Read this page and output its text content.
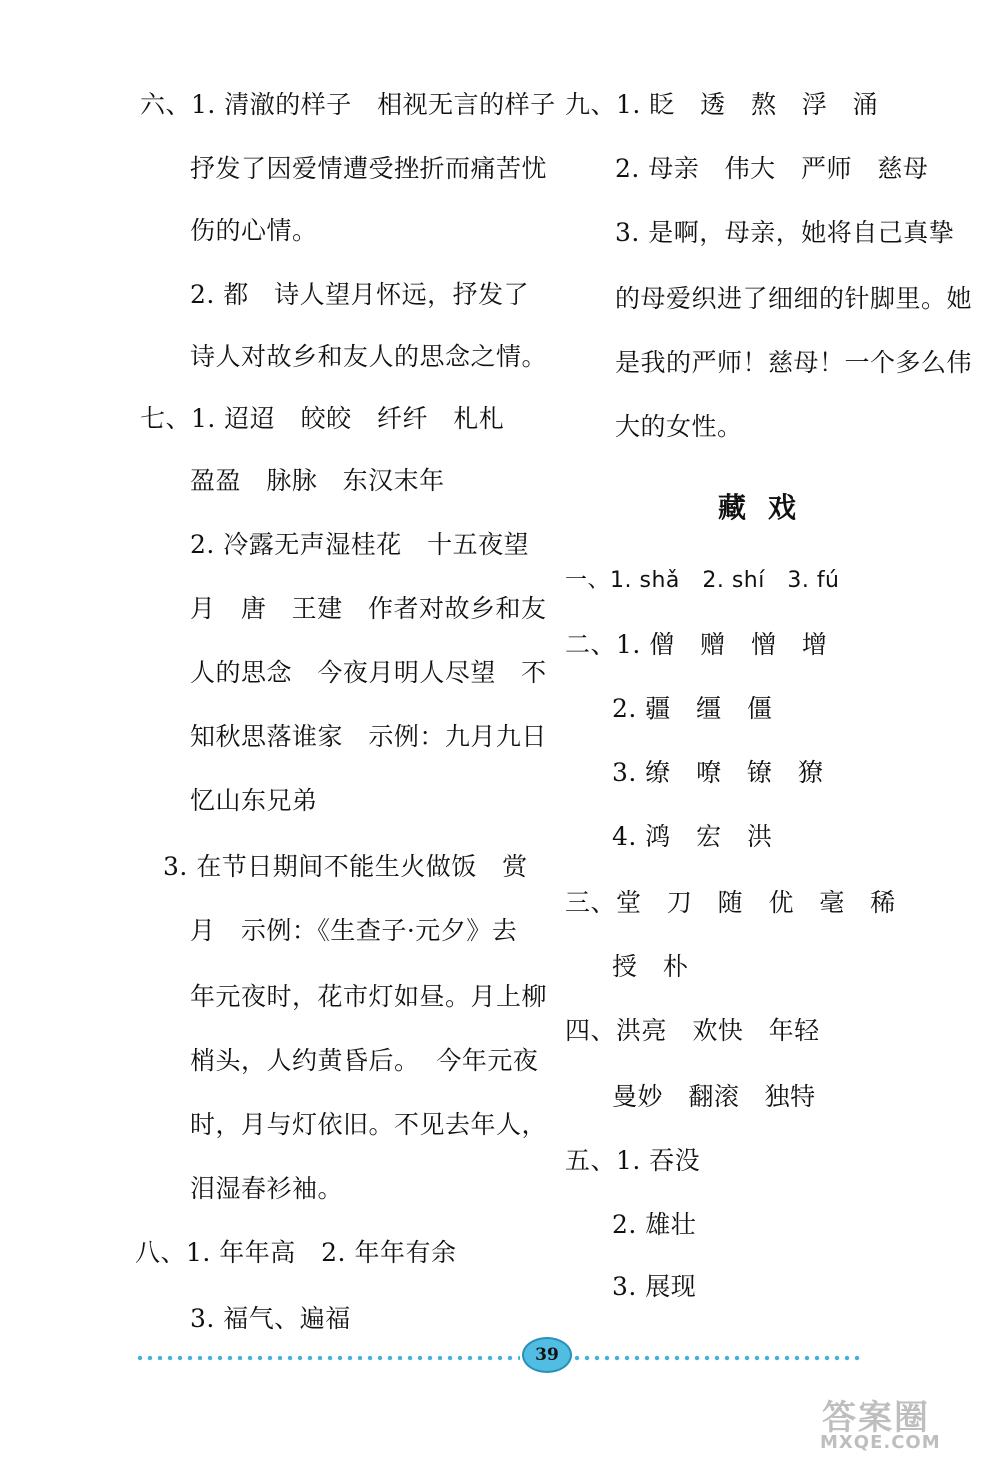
六、1. 清澈的样子   相视无言的样子
抒发了因爱情遭受挫折而痛苦忧
伤的心情。
2. 都   诗人望月怀远，抒发了
诗人对故乡和友人的思念之情。
七、1. 迢迢   皎皎   纤纤   札札
盈盈   脉脉   东汉末年
2. 冷露无声湿桂花   十五夜望
月   唐   王建   作者对故乡和友
人的思念   今夜月明人尽望   不
知秋思落谁家   示例：九月九日
忆山东兄弟
3. 在节日期间不能生火做饭   赏
月   示例：《生查子·元夕》去
年元夜时，花市灯如昼。月上柳
梢头，人约黄昏后。  今年元夜
时，月与灯依旧。不见去年人，
泪湿春衫袖。
八、1. 年年高   2. 年年有余
3. 福气、遍福
九、1. 眨   透   熬   浮   涌
2. 母亲   伟大   严师   慈母
3. 是啊，母亲，她将自己真挚
的母爱织进了细细的针脚里。她
是我的严师！慈母！一个多么伟
大的女性。
藏戏
一、1. shǎ   2. shí   3. fú
二、1. 僧   赠   憎   增
2. 疆   缰   僵
3. 缭   嘹   镣   獠
4. 鸿   宏   洪
三、堂   刀   随   优   毫   稀
授   朴
四、洪亮   欢快   年轻
曼妙   翻滚   独特
五、1. 吞没
2. 雄壮
3. 展现
39
答案圈
MXQE.COM
